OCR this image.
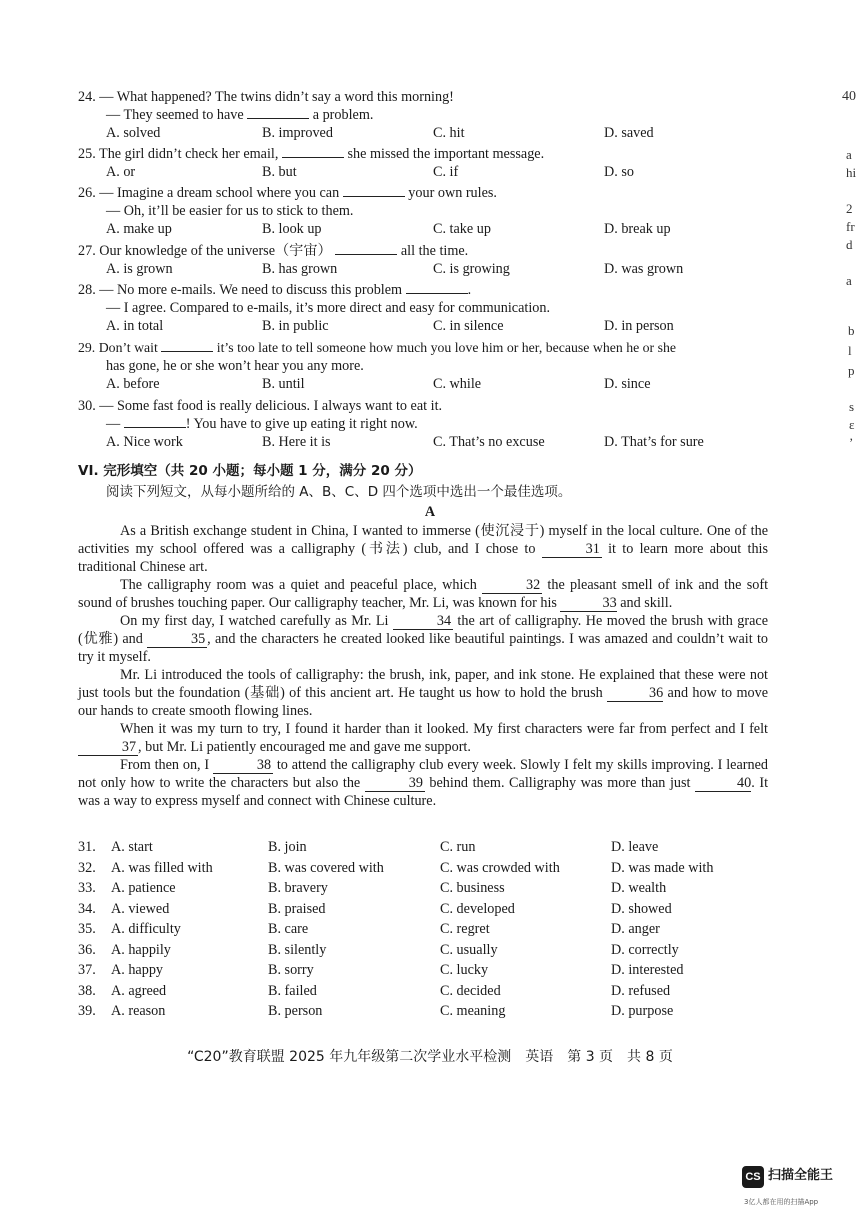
24. — What happened? The twins didn’t say a word this morning!
— They seemed to have	a problem.
A. solved	B. improved	C. hit	D. saved
25. The girl didn’t check her email,	she missed the important message.
A. or	B. but	C. if	D. so
26. — Imagine a dream school where you can	your own rules.
— Oh, it’ll be easier for us to stick to them.
A. make up	B. look up	C. take up	D. break up
27. Our knowledge of the universe（宇宙）	all the time.
A. is grown	B. has grown	C. is growing	D. was grown
28. — No more e-mails. We need to discuss this problem	.
— I agree. Compared to e-mails, it’s more direct and easy for communication.
A. in total	B. in public	C. in silence	D. in person
29. Don’t wait	it’s too late to tell someone how much you love him or her, because when he or she
has gone, he or she won’t hear you any more.
A. before	B. until	C. while	D. since
30. — Some fast food is really delicious. I always want to eat it.
—	! You have to give up eating it right now.
A. Nice work	B. Here it is	C. That’s no excuse	D. That’s for sure
VI. 完形填空（共 20 小题；每小题 1 分，满分 20 分）
阅读下列短文，从每小题所给的 A、B、C、D 四个选项中选出一个最佳选项。
A

As a British exchange student in China, I wanted to immerse (使沉浸于) myself in the local culture. One of the activities my school offered was a calligraphy (书法) club, and I chose to	31 it to learn more about this traditional Chinese art.

The calligraphy room was a quiet and peaceful place, which	32 the pleasant smell of ink and the soft sound of brushes touching paper. Our calligraphy teacher, Mr. Li, was known for his	33 and skill.

On my first day, I watched carefully as Mr. Li	34 the art of calligraphy. He moved the brush with grace (优雅) and	35 , and the characters he created looked like beautiful paintings. I was amazed and couldn’t wait to try it myself.

Mr. Li introduced the tools of calligraphy: the brush, ink, paper, and ink stone. He explained that these were not just tools but the foundation (基础) of this ancient art. He taught us how to hold the brush	36 and how to move our hands to create smooth flowing lines.

When it was my turn to try, I found it harder than it looked. My first characters were far from perfect and I felt 37 , but Mr. Li patiently encouraged me and gave me support.

From then on, I	38 to attend the calligraphy club every week. Slowly I felt my skills improving. I learned not only how to write the characters but also the	39 behind them. Calligraphy was more than just	40. It was a way to express myself and connect with Chinese culture.

31. A. start	B. join	C. run	D. leave
32. A. was filled with	B. was covered with	C. was crowded with	D. was made with
33. A. patience	B. bravery	C. business	D. wealth
34. A. viewed	B. praised	C. developed	D. showed
35. A. difficulty	B. care	C. regret	D. anger
36. A. happily	B. silently	C. usually	D. correctly
37. A. happy	B. sorry	C. lucky	D. interested
38. A. agreed	B. failed	C. decided	D. refused
39. A. reason	B. person	C. meaning	D. purpose
“C20”教育联盟 2025 年九年级第二次学业水平检测　英语　第 3 页　共 8 页
40
a
hi
2
fr
d
a
b
l
p
s
ε
ʼ
CS 扫描全能王
3亿人都在用的扫描App
